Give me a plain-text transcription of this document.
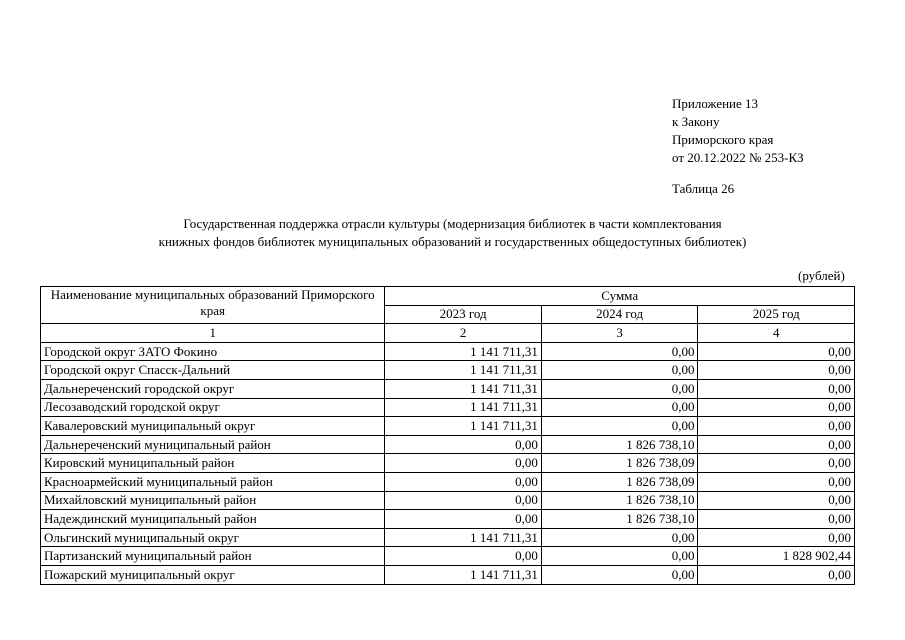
Приложение 13
к Закону
Приморского края
от 20.12.2022 № 253-КЗ
Таблица 26
Государственная поддержка отрасли культуры (модернизация библиотек в части комплектования
книжных фондов библиотек муниципальных образований и государственных общедоступных библиотек)
(рублей)
Наименование муниципальных образований Приморского края	Сумма		
	2023 год	2024 год	2025 год
1	2	3	4
Городской округ ЗАТО Фокино	1 141 711,31	0,00	0,00
Городской округ Спасск-Дальний	1 141 711,31	0,00	0,00
Дальнереченский городской округ	1 141 711,31	0,00	0,00
Лесозаводский городской округ	1 141 711,31	0,00	0,00
Кавалеровский муниципальный округ	1 141 711,31	0,00	0,00
Дальнереченский муниципальный район	0,00	1 826 738,10	0,00
Кировский муниципальный район	0,00	1 826 738,09	0,00
Красноармейский муниципальный район	0,00	1 826 738,09	0,00
Михайловский муниципальный район	0,00	1 826 738,10	0,00
Надеждинский муниципальный район	0,00	1 826 738,10	0,00
Ольгинский муниципальный округ	1 141 711,31	0,00	0,00
Партизанский муниципальный район	0,00	0,00	1 828 902,44
Пожарский муниципальный округ	1 141 711,31	0,00	0,00
